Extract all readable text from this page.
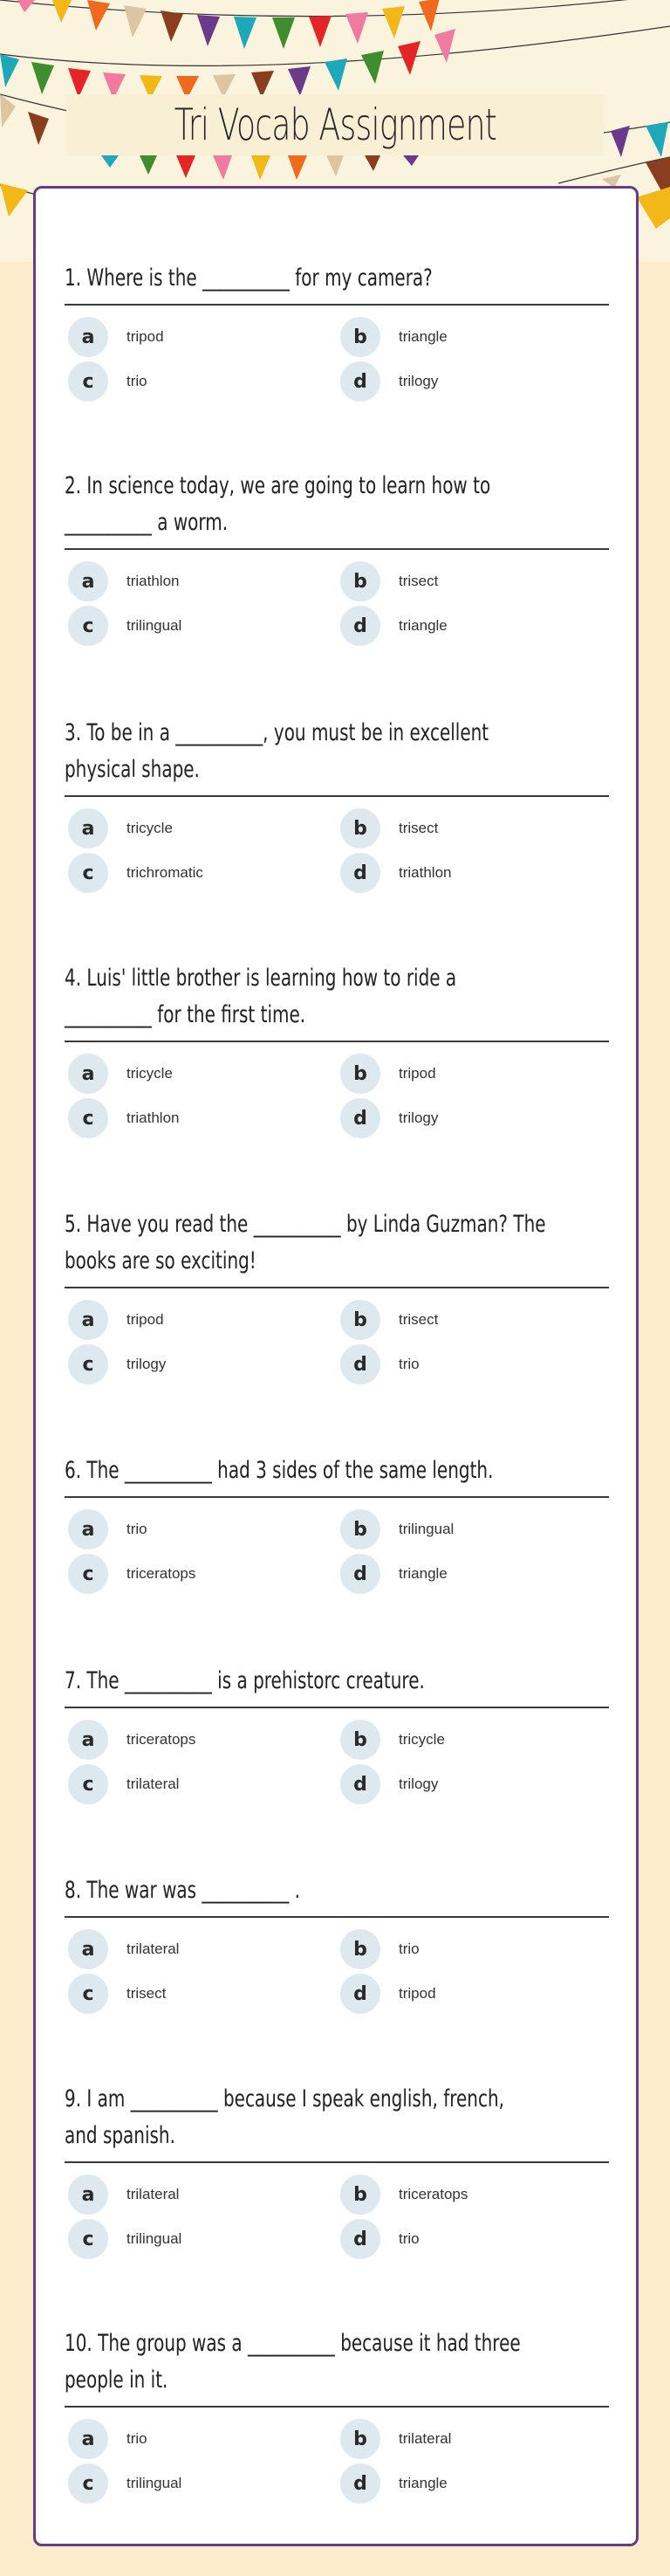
Tri Vocab Assignment
1. Where is the __________ for my camera?
a	tripod	b	triangle
c	trio	d	trilogy
2. In science today, we are going to learn how to
__________ a worm.
a	triathlon	b	trisect
c	trilingual	d	triangle
3. To be in a __________, you must be in excellent
physical shape.
a	tricycle	b	trisect
c	trichromatic	d	triathlon
4. Luis' little brother is learning how to ride a
__________ for the first time.
a	tricycle	b	tripod
c	triathlon	d	trilogy
5. Have you read the __________ by Linda Guzman? The
books are so exciting!
a	tripod	b	trisect
c	trilogy	d	trio
6. The __________ had 3 sides of the same length.
a	trio	b	trilingual
c	triceratops	d	triangle
7. The __________ is a prehistorc creature.
a	triceratops	b	tricycle
c	trilateral	d	trilogy
8. The war was __________ .
a	trilateral	b	trio
c	trisect	d	tripod
9. I am __________ because I speak english, french,
and spanish.
a	trilateral	b	triceratops
c	trilingual	d	trio
10. The group was a __________ because it had three
people in it.
a	trio	b	trilateral
c	trilingual	d	triangle
